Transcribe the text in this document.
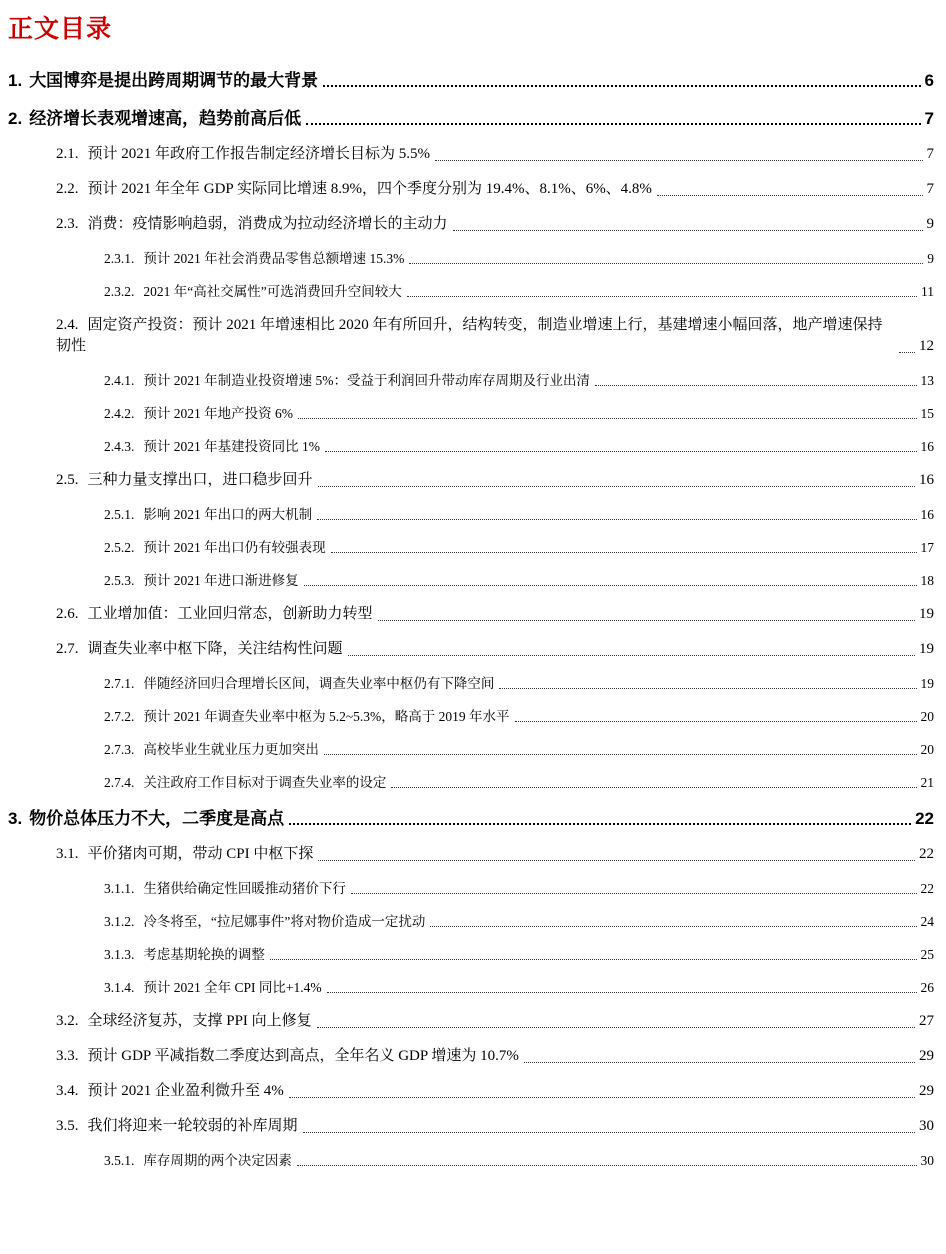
正文目录
1. 大国博弈是提出跨周期调节的最大背景	6
2. 经济增长表观增速高，趋势前高后低	7
2.1. 预计 2021 年政府工作报告制定经济增长目标为 5.5%	7
2.2. 预计 2021 年全年 GDP 实际同比增速 8.9%，四个季度分别为 19.4%、8.1%、6%、4.8%	7
2.3. 消费：疫情影响趋弱，消费成为拉动经济增长的主动力	9
2.3.1. 预计 2021 年社会消费品零售总额增速 15.3%	9
2.3.2. 2021 年“高社交属性”可选消费回升空间较大	11
2.4. 固定资产投资：预计 2021 年增速相比 2020 年有所回升，结构转变，制造业增速上行，基建增速小幅回落，地产增速保持韧性	12
2.4.1. 预计 2021 年制造业投资增速 5%：受益于利润回升带动库存周期及行业出清	13
2.4.2. 预计 2021 年地产投资 6%	15
2.4.3. 预计 2021 年基建投资同比 1%	16
2.5. 三种力量支撑出口，进口稳步回升	16
2.5.1. 影响 2021 年出口的两大机制	16
2.5.2. 预计 2021 年出口仍有较强表现	17
2.5.3. 预计 2021 年进口渐进修复	18
2.6. 工业增加值：工业回归常态，创新助力转型	19
2.7. 调查失业率中枢下降，关注结构性问题	19
2.7.1. 伴随经济回归合理增长区间，调查失业率中枢仍有下降空间	19
2.7.2. 预计 2021 年调查失业率中枢为 5.2~5.3%，略高于 2019 年水平	20
2.7.3. 高校毕业生就业压力更加突出	20
2.7.4. 关注政府工作目标对于调查失业率的设定	21
3. 物价总体压力不大，二季度是高点	22
3.1. 平价猪肉可期，带动 CPI 中枢下探	22
3.1.1. 生猪供给确定性回暖推动猪价下行	22
3.1.2. 冷冬将至，“拉尼娜事件”将对物价造成一定扰动	24
3.1.3. 考虑基期轮换的调整	25
3.1.4. 预计 2021 全年 CPI 同比+1.4%	26
3.2. 全球经济复苏，支撑 PPI 向上修复	27
3.3. 预计 GDP 平减指数二季度达到高点，全年名义 GDP 增速为 10.7%	29
3.4. 预计 2021 企业盈利微升至 4%	29
3.5. 我们将迎来一轮较弱的补库周期	30
3.5.1. 库存周期的两个决定因素	30
